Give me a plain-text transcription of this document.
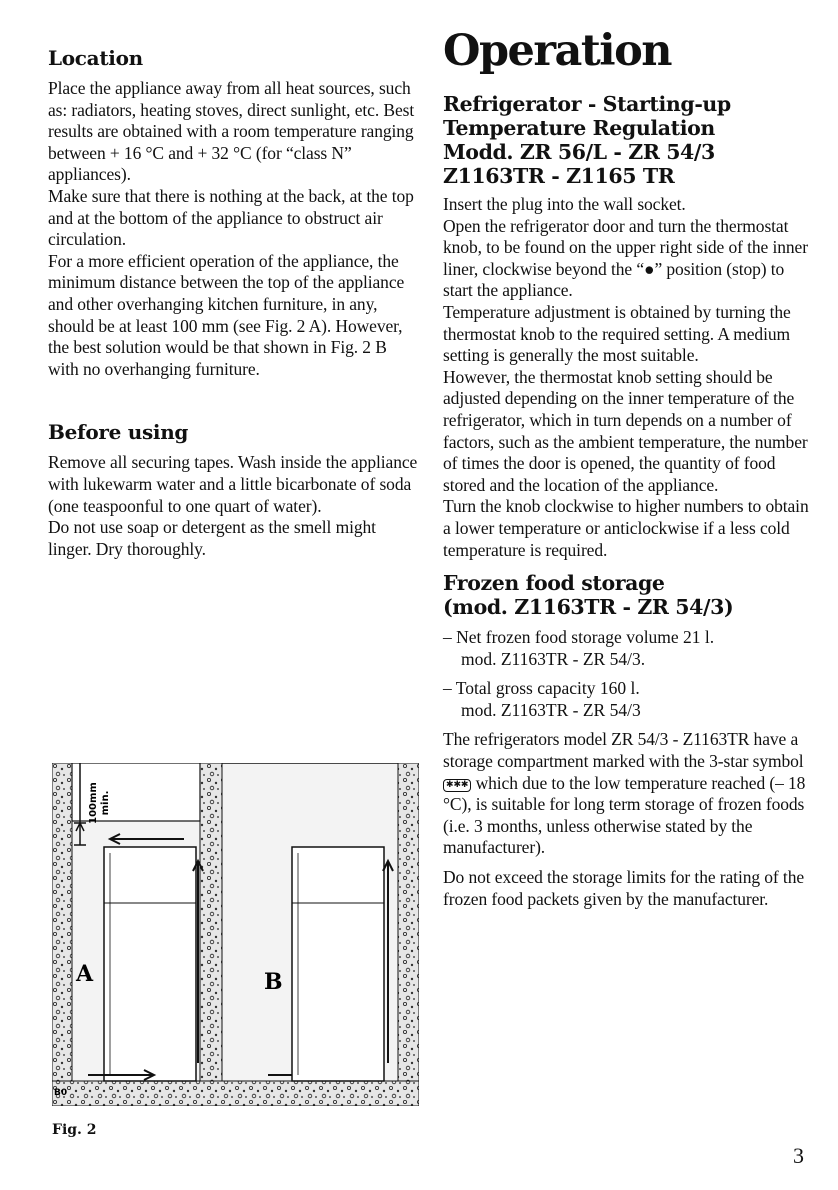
Location

Place the appliance away from all heat sources, such as: radiators, heating stoves, direct sunlight, etc. Best results are obtained with a room temperature ranging between + 16 °C and + 32 °C (for “class N” appliances).
Make sure that there is nothing at the back, at the top and at the bottom of the appliance to obstruct air circulation.
For a more efficient operation of the appliance, the minimum distance between the top of the appliance and other overhanging kitchen furniture, in any, should be at least 100 mm (see Fig. 2 A). However, the best solution would be that shown in Fig. 2 B with no overhanging furniture.

Before using

Remove all securing tapes. Wash inside the appliance with lukewarm water and a little bicarbonate of soda (one teaspoonful to one quart of water).
Do not use soap or detergent as the smell might linger. Dry thoroughly.

Operation
Refrigerator - Starting-up
Temperature Regulation
Modd. ZR 56/L - ZR 54/3
Z1163TR - Z1165 TR

Insert the plug into the wall socket.
Open the refrigerator door and turn the thermostat knob, to be found on the upper right side of the inner liner, clockwise beyond the “●” position (stop) to start the appliance.
Temperature adjustment is obtained by turning the thermostat knob to the required setting. A medium setting is generally the most suitable.
However, the thermostat knob setting should be adjusted depending on the inner temperature of the refrigerator, which in turn depends on a number of factors, such as the ambient temperature, the number of times the door is opened, the quantity of food stored and the location of the appliance.
Turn the knob clockwise to higher numbers to obtain a lower temperature or anticlockwise if a less cold temperature is required.

Frozen food storage
(mod. Z1163TR - ZR 54/3)
– Net frozen food storage volume 21 l.
mod. Z1163TR - ZR 54/3.
– Total gross capacity 160 l.
mod. Z1163TR - ZR 54/3

The refrigerators model ZR 54/3 - Z1163TR have a storage compartment marked with the 3-star symbol ✱✱✱ which due to the low temperature reached (– 18 °C), is suitable for long term storage of frozen foods (i.e. 3 months, unless otherwise stated by the manufacturer).

Do not exceed the storage limits for the rating of the frozen food packets given by the manufacturer.

100mm min.
A	B
B0
Fig. 2
3
